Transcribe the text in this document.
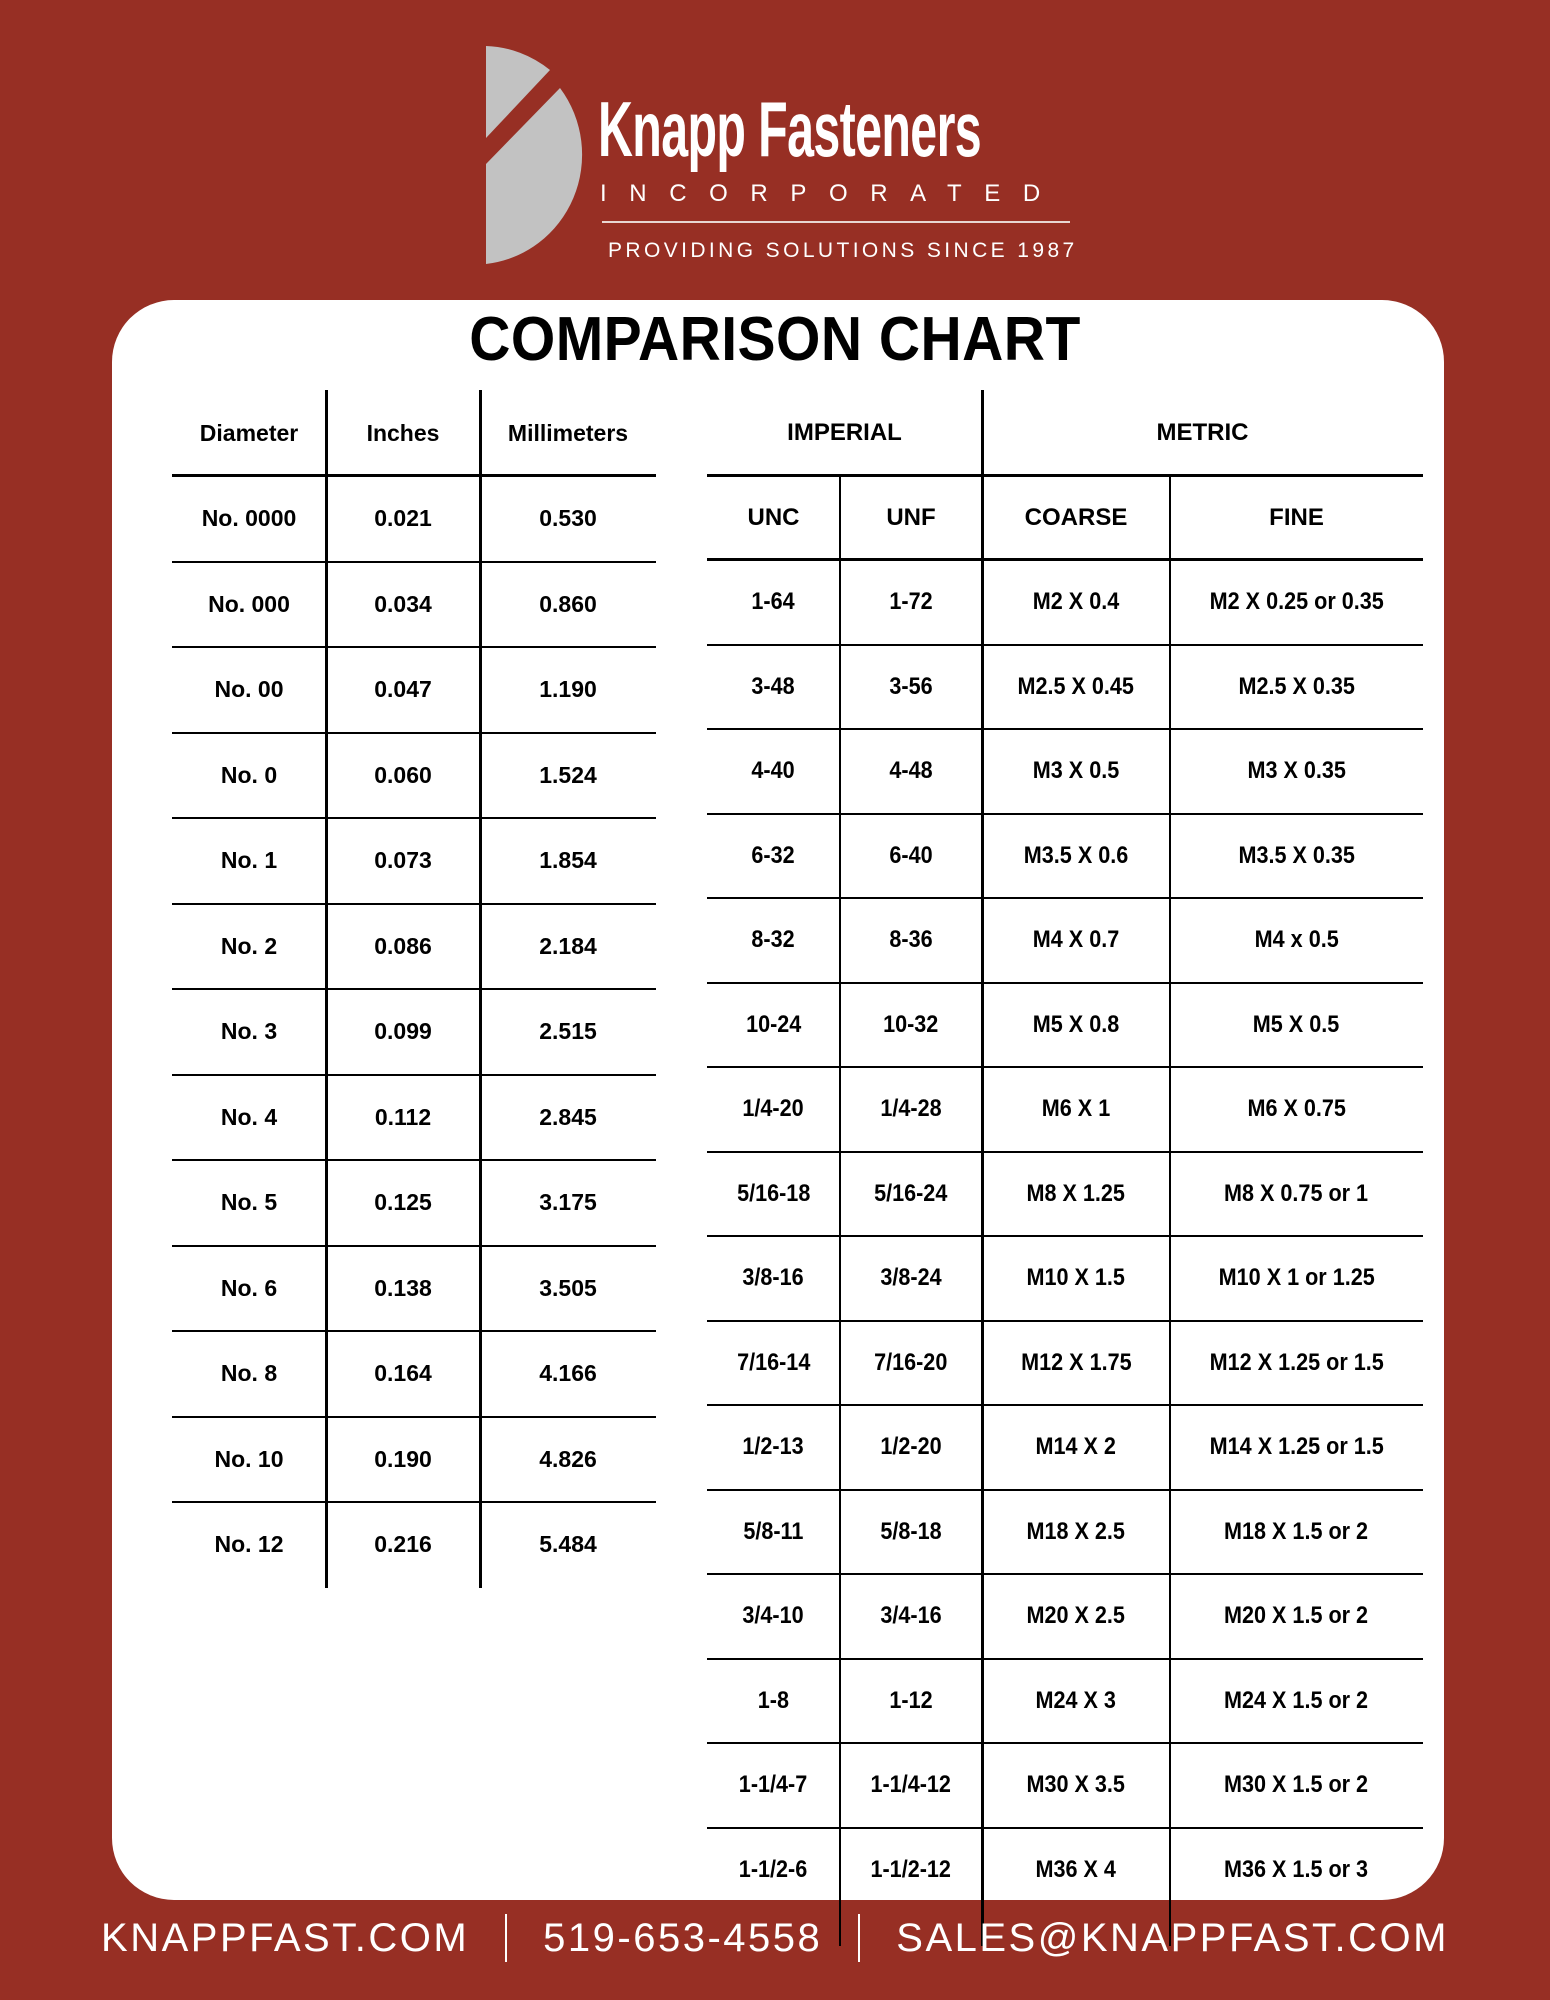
Knapp Fasteners
INCORPORATED
PROVIDING SOLUTIONS SINCE 1987
COMPARISON CHART
Diameter	Inches	Millimeters
No. 0000	0.021	0.530
No. 000	0.034	0.860
No. 00	0.047	1.190
No. 0	0.060	1.524
No. 1	0.073	1.854
No. 2	0.086	2.184
No. 3	0.099	2.515
No. 4	0.112	2.845
No. 5	0.125	3.175
No. 6	0.138	3.505
No. 8	0.164	4.166
No. 10	0.190	4.826
No. 12	0.216	5.484
IMPERIAL	METRIC
UNC	UNF	COARSE	FINE
1-64	1-72	M2 X 0.4	M2 X 0.25 or 0.35
3-48	3-56	M2.5 X 0.45	M2.5 X 0.35
4-40	4-48	M3 X 0.5	M3 X 0.35
6-32	6-40	M3.5 X 0.6	M3.5 X 0.35
8-32	8-36	M4 X 0.7	M4 x 0.5
10-24	10-32	M5 X 0.8	M5 X 0.5
1/4-20	1/4-28	M6 X 1	M6 X 0.75
5/16-18	5/16-24	M8 X 1.25	M8 X 0.75 or 1
3/8-16	3/8-24	M10 X 1.5	M10 X 1 or 1.25
7/16-14	7/16-20	M12 X 1.75	M12 X 1.25 or 1.5
1/2-13	1/2-20	M14 X 2	M14 X 1.25 or 1.5
5/8-11	5/8-18	M18 X 2.5	M18 X 1.5 or 2
3/4-10	3/4-16	M20 X 2.5	M20 X 1.5 or 2
1-8	1-12	M24 X 3	M24 X 1.5 or 2
1-1/4-7	1-1/4-12	M30 X 3.5	M30 X 1.5 or 2
1-1/2-6	1-1/2-12	M36 X 4	M36 X 1.5 or 3
KNAPPFAST.COM 519-653-4558 SALES@KNAPPFAST.COM
